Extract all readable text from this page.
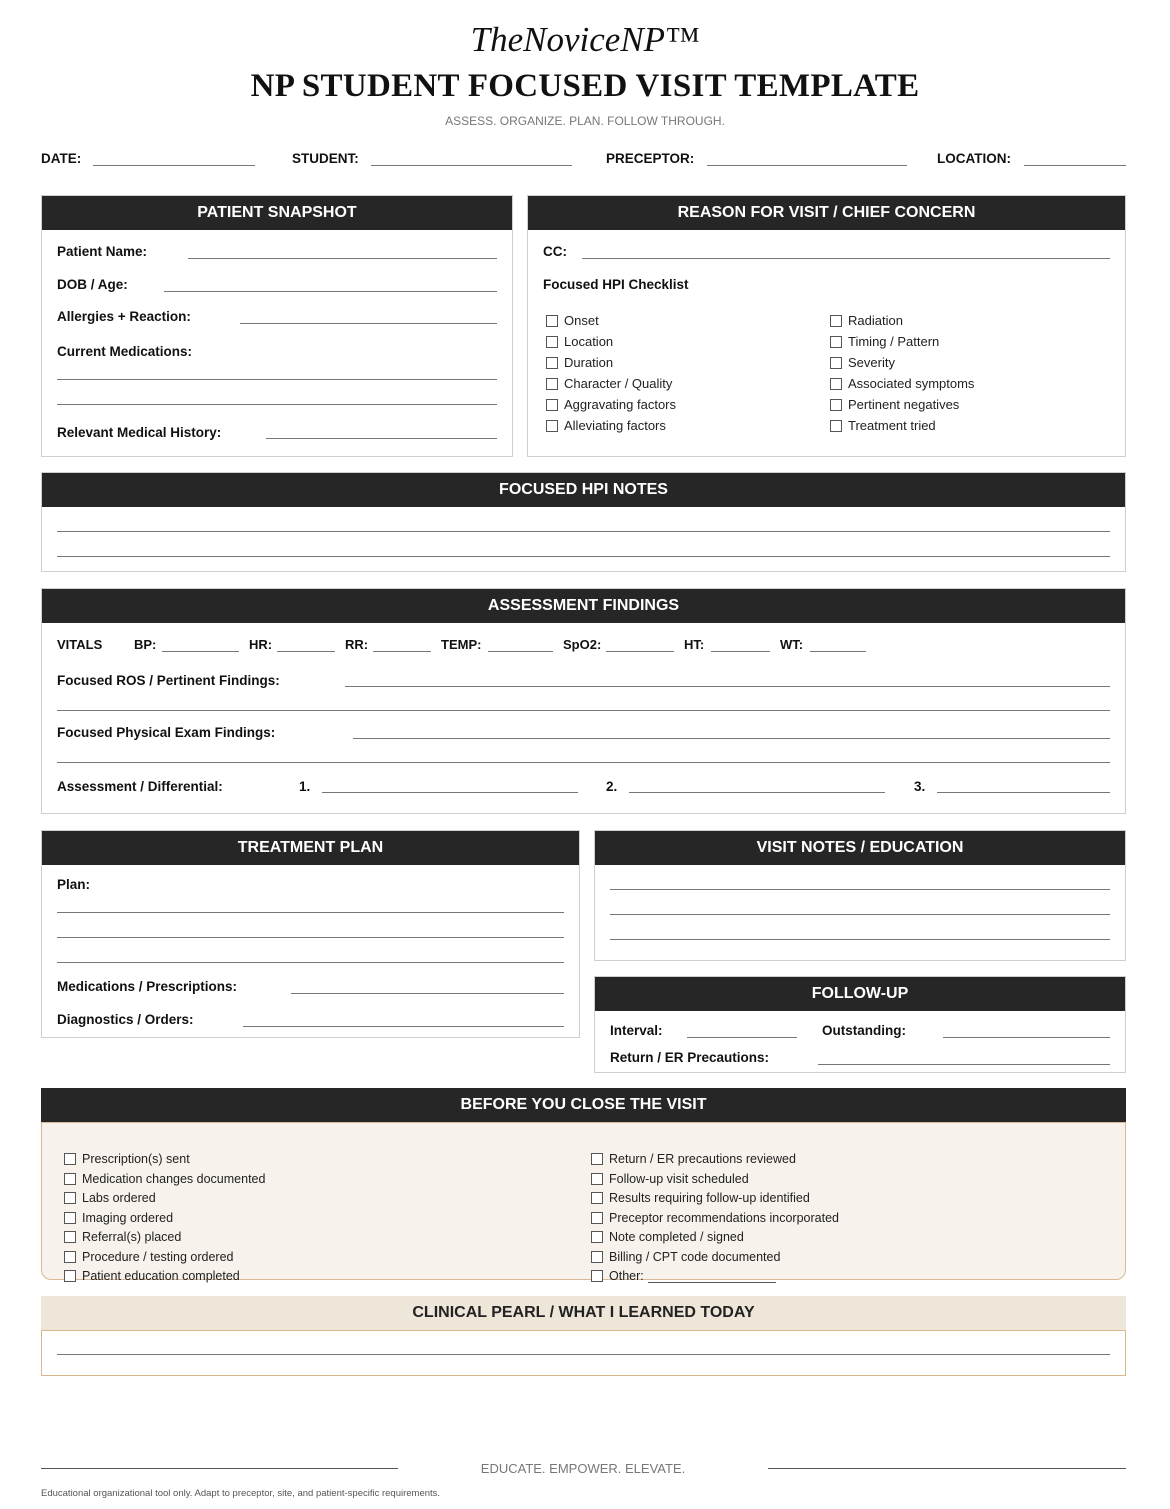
TheNoviceNP™
NP STUDENT FOCUSED VISIT TEMPLATE
ASSESS. ORGANIZE. PLAN. FOLLOW THROUGH.
DATE:	STUDENT:	PRECEPTOR:	LOCATION:
PATIENT SNAPSHOT
Patient Name:
DOB / Age:
Allergies + Reaction:
Current Medications:
Relevant Medical History:
REASON FOR VISIT / CHIEF CONCERN
CC:
Focused HPI Checklist
Onset
Location
Duration
Character / Quality
Aggravating factors
Alleviating factors
Radiation
Timing / Pattern
Severity
Associated symptoms
Pertinent negatives
Treatment tried
FOCUSED HPI NOTES
ASSESSMENT FINDINGS
VITALS BP:	HR:	RR:	TEMP:	SpO2:	HT:	WT:
Focused ROS / Pertinent Findings:
Focused Physical Exam Findings:
Assessment / Differential:	1.	2.	3.
TREATMENT PLAN
Plan:
Medications / Prescriptions:
Diagnostics / Orders:
VISIT NOTES / EDUCATION
FOLLOW-UP
Interval:	Outstanding:
Return / ER Precautions:
BEFORE YOU CLOSE THE VISIT
Prescription(s) sent
Medication changes documented
Labs ordered
Imaging ordered
Referral(s) placed
Procedure / testing ordered
Patient education completed
Return / ER precautions reviewed
Follow-up visit scheduled
Results requiring follow-up identified
Preceptor recommendations incorporated
Note completed / signed
Billing / CPT code documented
Other:
CLINICAL PEARL / WHAT I LEARNED TODAY
EDUCATE. EMPOWER. ELEVATE.
Educational organizational tool only. Adapt to preceptor, site, and patient-specific requirements.
